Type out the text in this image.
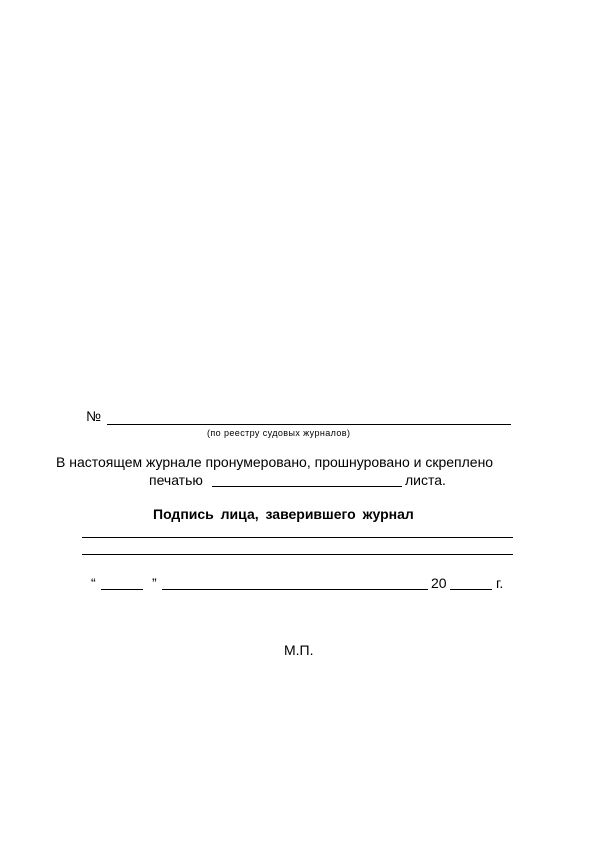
№
(по реестру судовых журналов)
В настоящем журнале пронумеровано, прошнуровано и скреплено
печатью	листа.
Подпись лица, заверившего журнал
“	”	20	г.
М.П.
